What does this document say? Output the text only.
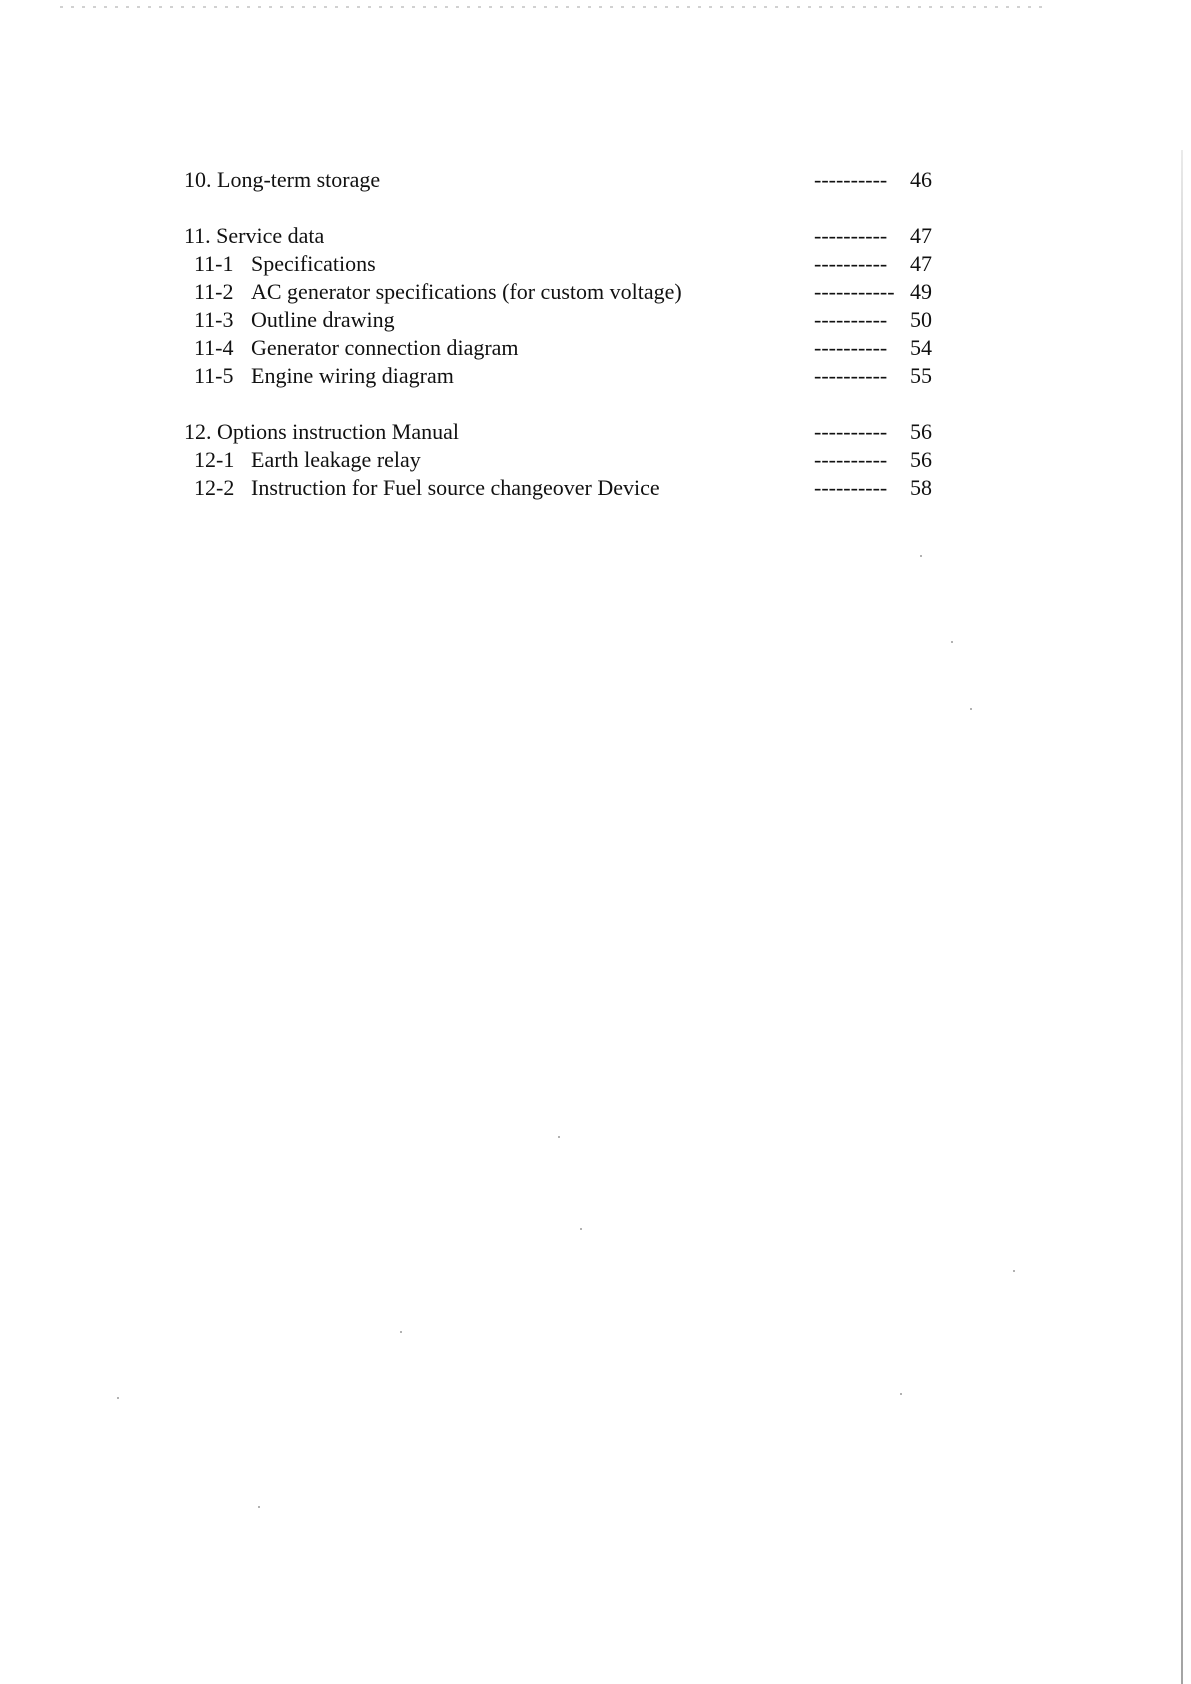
10. Long-term storage	---------- 46
11. Service data	---------- 47
11-1 Specifications	---------- 47
11-2 AC generator specifications (for custom voltage)	----------- 49
11-3 Outline drawing	---------- 50
11-4 Generator connection diagram	---------- 54
11-5 Engine wiring diagram	---------- 55
12. Options instruction Manual	---------- 56
12-1 Earth leakage relay	---------- 56
12-2 Instruction for Fuel source changeover Device	---------- 58
